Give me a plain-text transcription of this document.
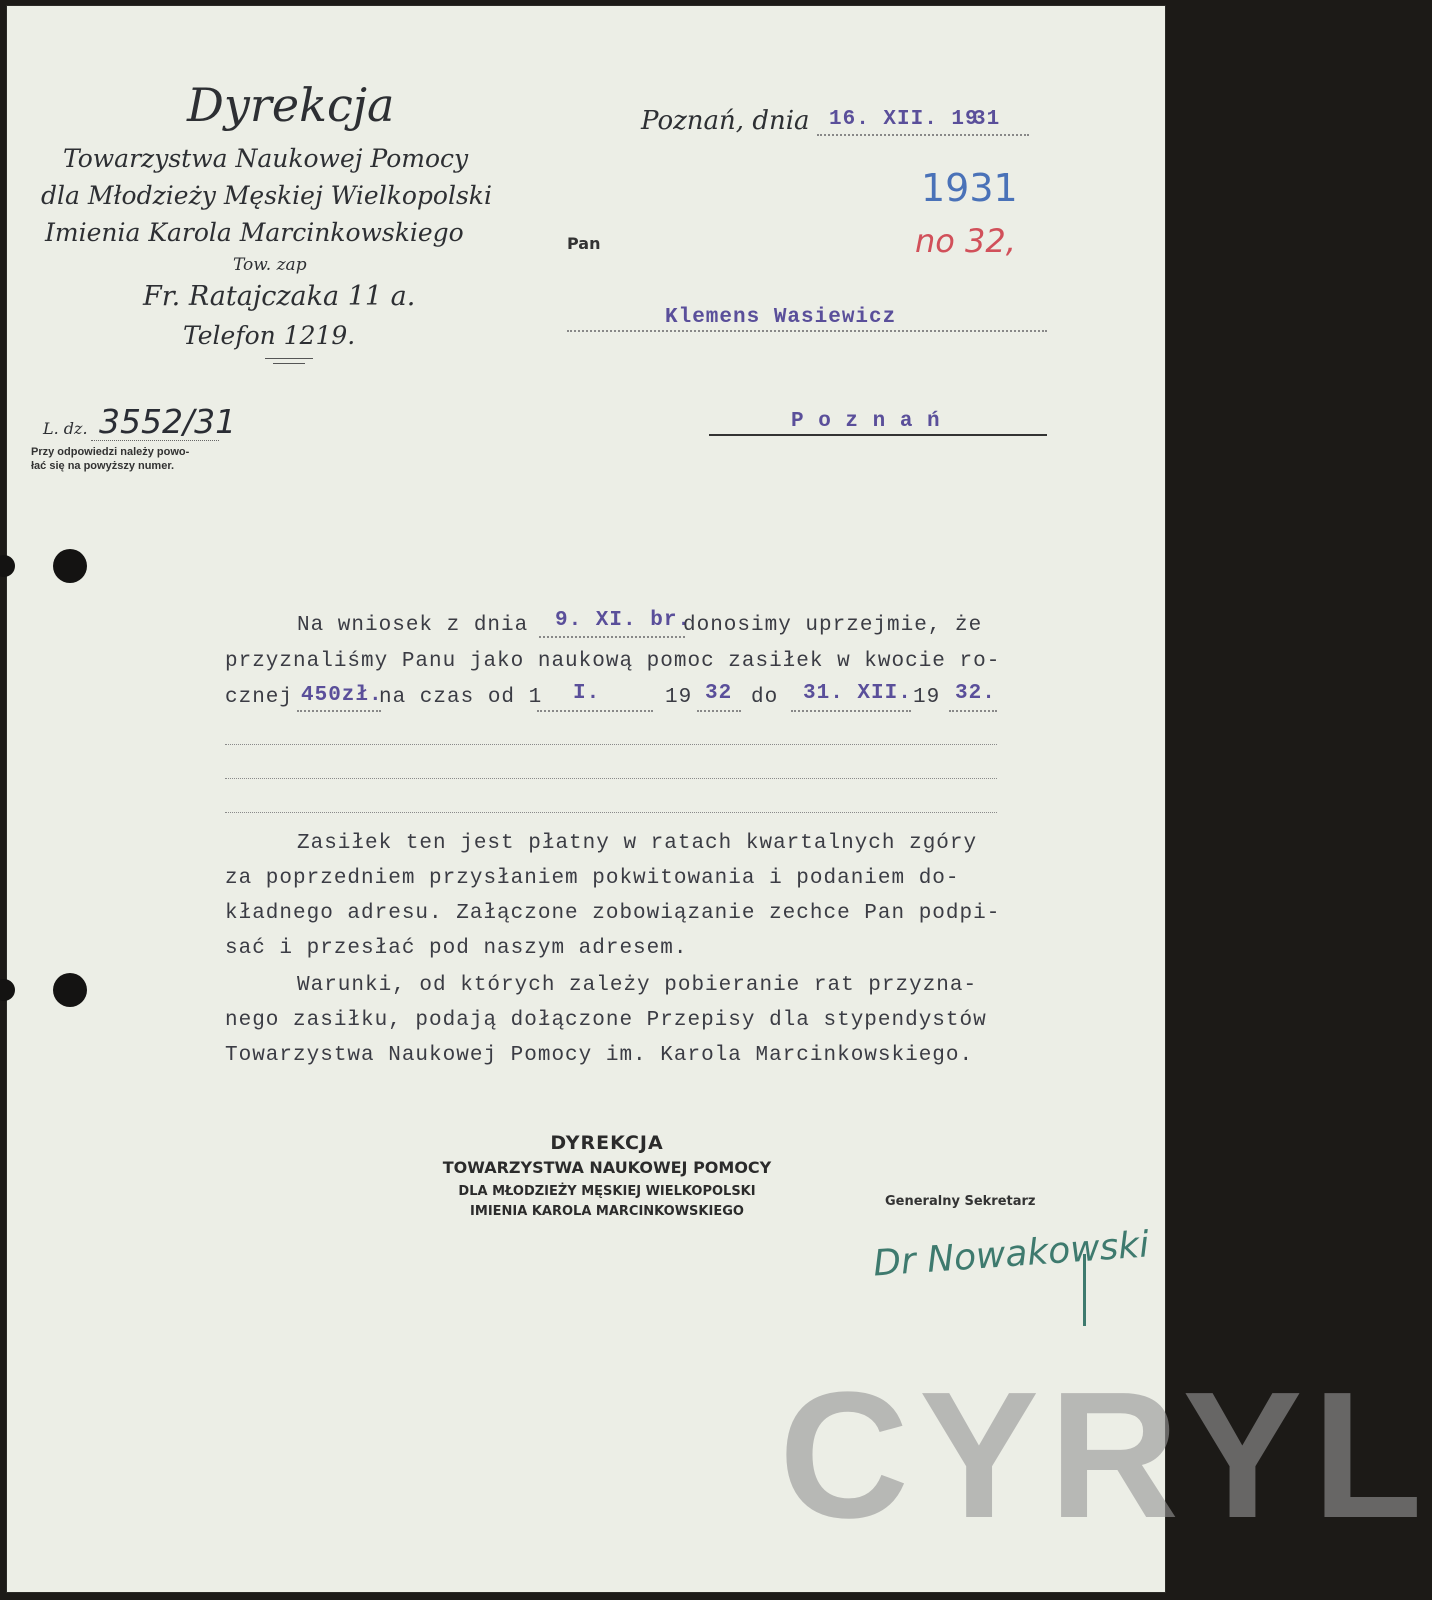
Dyrekcja
Towarzystwa Naukowej Pomocy
dla Młodzieży Męskiej Wielkopolski
Imienia Karola Marcinkowskiego
Tow. zap
Fr. Ratajczaka 11 a.
Telefon 1219.
L. dz. 3552/31
Przy odpowiedzi należy powo-
łać się na powyższy numer.
Poznań, dnia 16. XII. 19
31
1931
no 32,
Pan
Klemens Wasiewicz
P o z n a ń
Na wniosek z dnia 9. XI. br.
donosimy uprzejmie, że
przyznaliśmy Panu jako naukową pomoc zasiłek w kwocie ro-
cznej 450zł.
na czas od 1 I.	19 32 do 31. XII. 19 32.
Zasiłek ten jest płatny w ratach kwartalnych zgóry
za poprzedniem przysłaniem pokwitowania i podaniem do-
kładnego adresu. Załączone zobowiązanie zechce Pan podpi-
sać i przesłać pod naszym adresem.
Warunki, od których zależy pobieranie rat przyzna-
nego zasiłku, podają dołączone Przepisy dla stypendystów
Towarzystwa Naukowej Pomocy im. Karola Marcinkowskiego.
DYREKCJA
TOWARZYSTWA NAUKOWEJ POMOCY
DLA MŁODZIEŻY MĘSKIEJ WIELKOPOLSKI
IMIENIA KAROLA MARCINKOWSKIEGO
Generalny Sekretarz
Dr Nowakowski
CYRYL
